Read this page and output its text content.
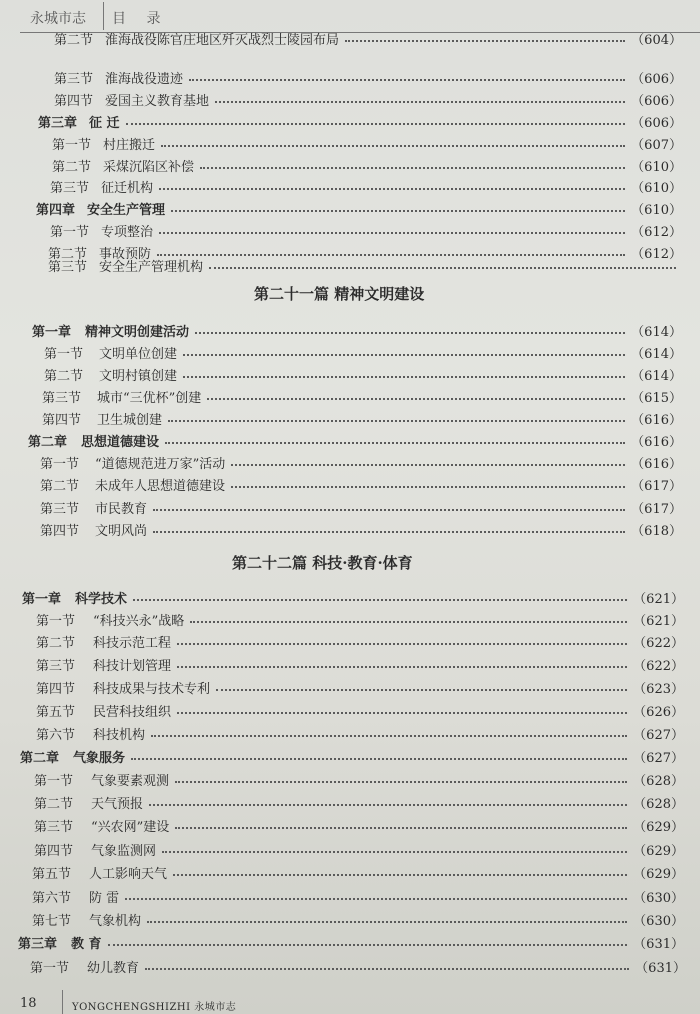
永城市志 目 录
第二节 淮海战役陈官庄地区歼灭战烈士陵园布局	（604）
第三节 淮海战役遗迹	（606）
第四节 爱国主义教育基地	（606）
第三章 征 迁	（606）
第一节 村庄搬迁	（607）
第二节 采煤沉陷区补偿	（610）
第三节 征迁机构	（610）
第四章 安全生产管理	（610）
第一节 专项整治	（612）
第二节 事故预防	（612）
第三节 安全生产管理机构
第二十一篇 精神文明建设
第一章 精神文明创建活动	（614）
第一节 文明单位创建	（614）
第二节 文明村镇创建	（614）
第三节 城市“三优杯”创建	（615）
第四节 卫生城创建	（616）
第二章 思想道德建设	（616）
第一节 “道德规范进万家”活动	（616）
第二节 未成年人思想道德建设	（617）
第三节 市民教育	（617）
第四节 文明风尚	（618）
第二十二篇 科技·教育·体育
第一章 科学技术	（621）
第一节 “科技兴永”战略	（621）
第二节 科技示范工程	（622）
第三节 科技计划管理	（622）
第四节 科技成果与技术专利	（623）
第五节 民营科技组织	（626）
第六节 科技机构	（627）
第二章 气象服务	（627）
第一节 气象要素观测	（628）
第二节 天气预报	（628）
第三节 “兴农网”建设	（629）
第四节 气象监测网	（629）
第五节 人工影响天气	（629）
第六节 防 雷	（630）
第七节 气象机构	（630）
第三章 教 育	（631）
第一节 幼儿教育	（631）
18	YONGCHENGSHIZHI 永城市志
